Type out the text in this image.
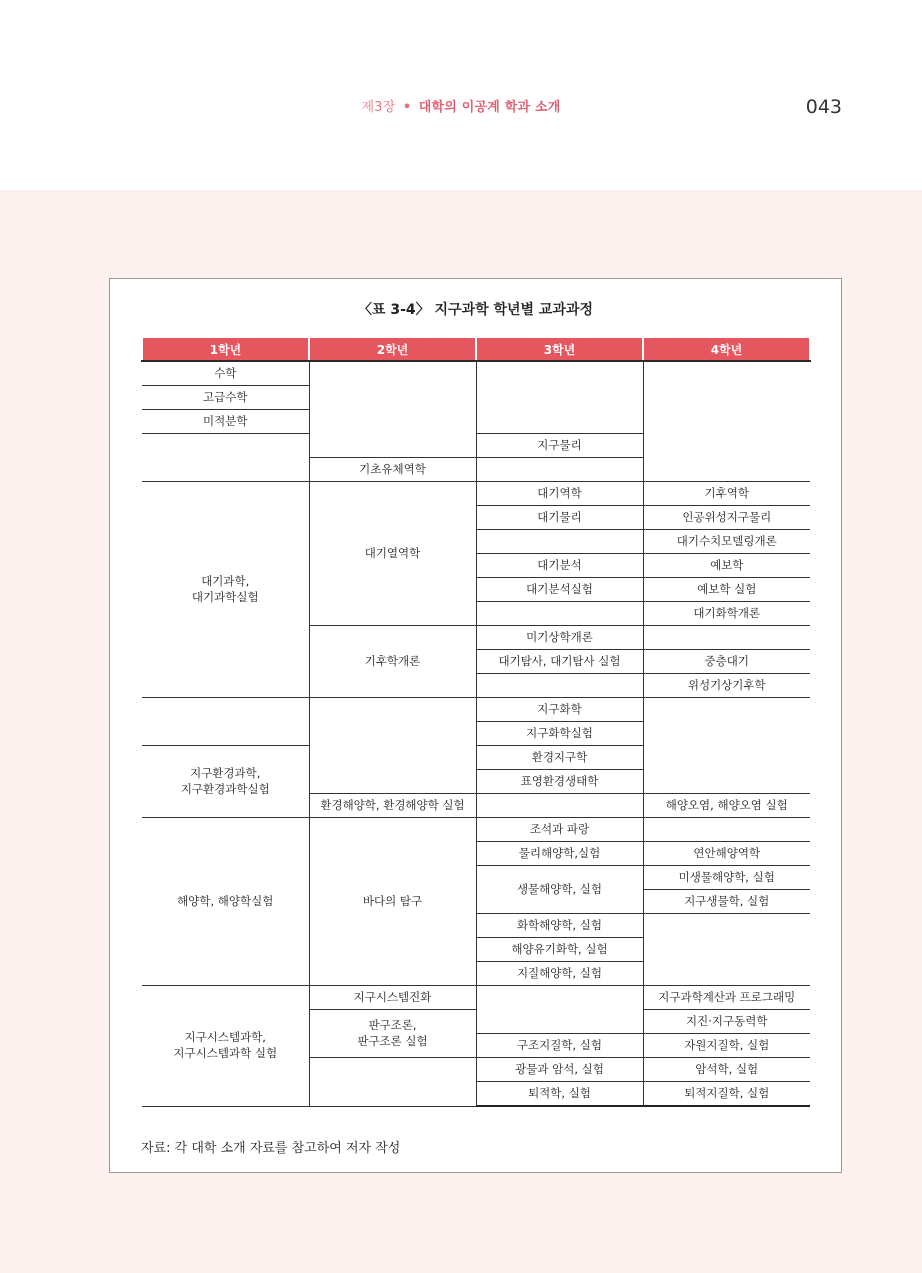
제3장 • 대학의 이공계 학과 소개	043
〈표 3-4〉 지구과학 학년별 교과과정
1학년	2학년	3학년	4학년
수학			
고급수학			
미적분학			
		지구물리	
	기초유체역학		
대기과학,
대기과학실험	대기열역학	대기역학	기후역학
		대기물리	인공위성지구물리
			대기수치모델링개론
		대기분석	예보학
		대기분석실험	예보학 실험
			대기화학개론
	기후학개론	미기상학개론	
		대기탐사, 대기탐사 실험	중층대기
			위성기상기후학
		지구화학	
		지구화학실험	
지구환경과학,
지구환경과학실험		환경지구학	
		표영환경생태학	
	환경해양학, 환경해양학 실험		해양오염, 해양오염 실험
해양학, 해양학실험	바다의 탐구	조석과 파랑	
		물리해양학,실험	연안해양역학
		생물해양학, 실험	미생물해양학, 실험
			지구생물학, 실험
		화학해양학, 실험	
		해양유기화학, 실험	
		지질해양학, 실험	
지구시스템과학,
지구시스템과학 실험	지구시스템진화		지구과학계산과 프로그래밍
	판구조론,
판구조론 실험		지진·지구동력학
		구조지질학, 실험	자원지질학, 실험
		광물과 암석, 실험	암석학, 실험
		퇴적학, 실험	퇴적지질학, 실험
자료: 각 대학 소개 자료를 참고하여 저자 작성
